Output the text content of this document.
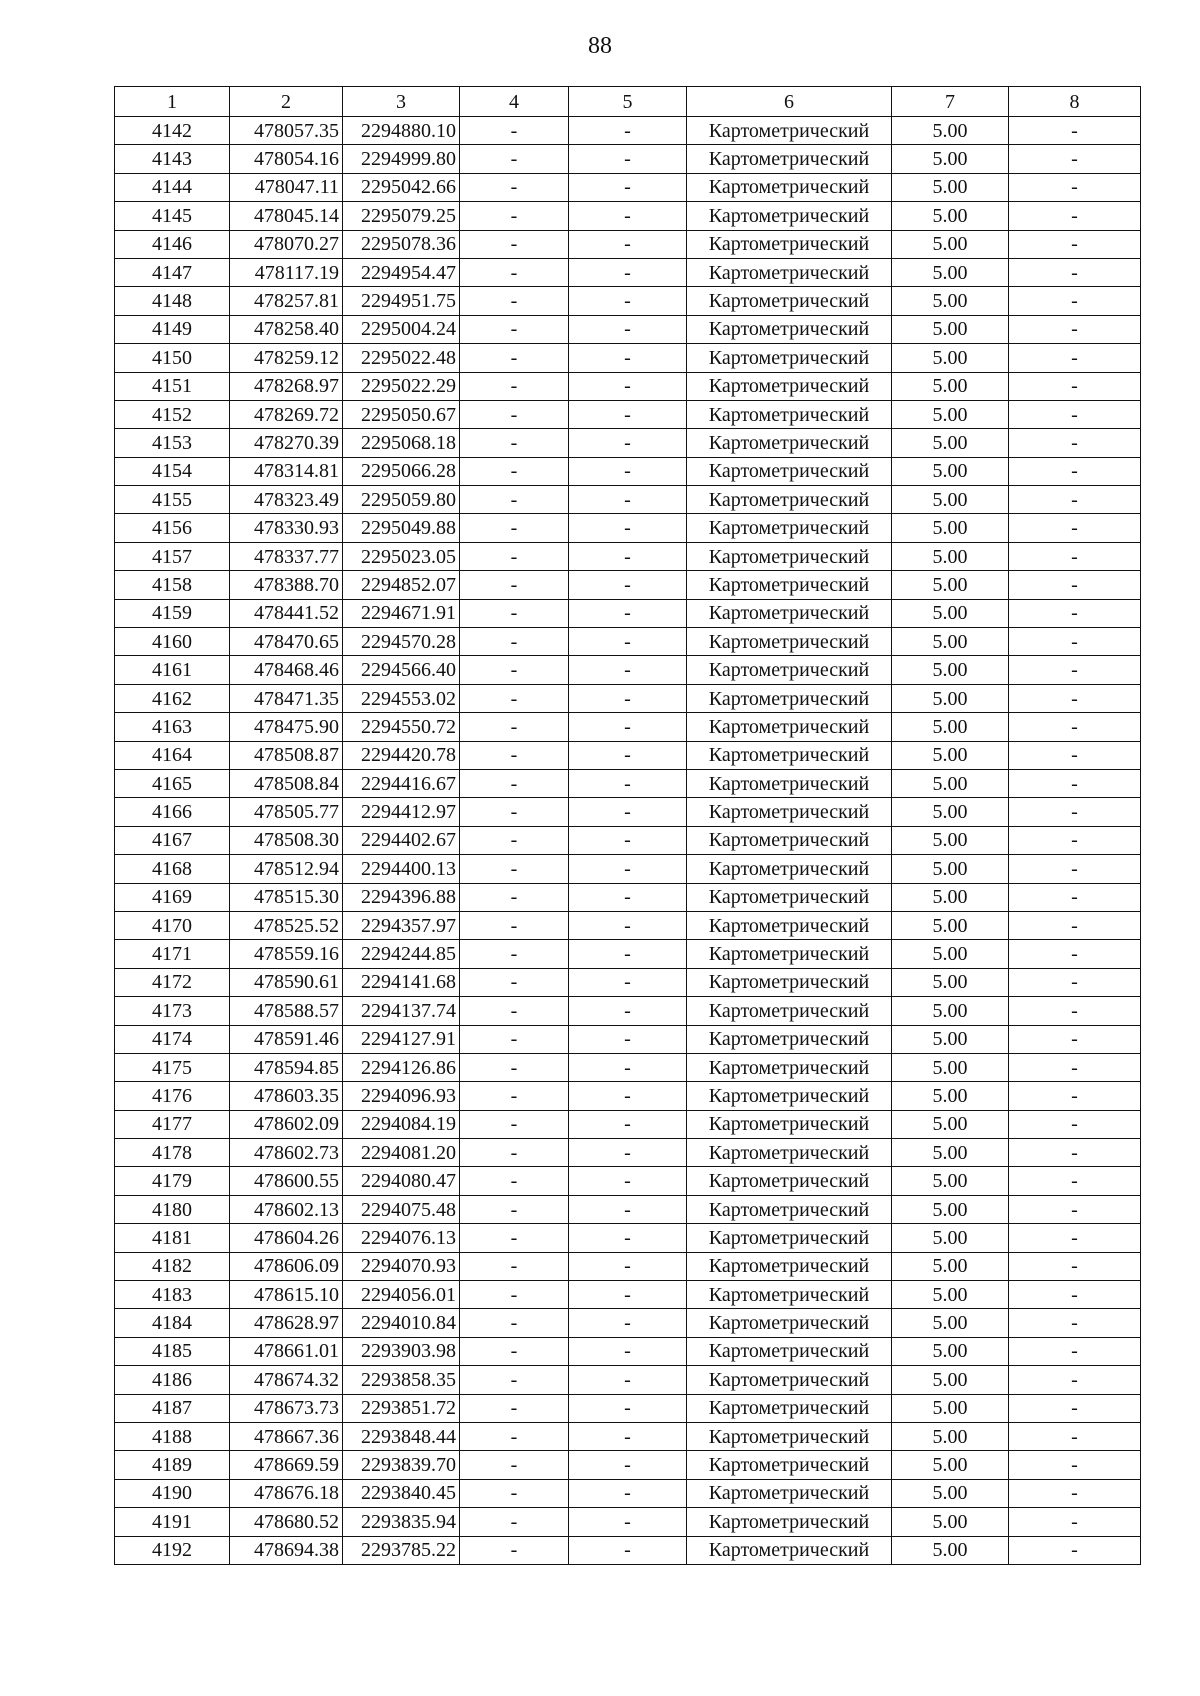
88
1	2	3	4	5	6	7	8
4142	478057.35	2294880.10	-	-	Картометрический	5.00	-
4143	478054.16	2294999.80	-	-	Картометрический	5.00	-
4144	478047.11	2295042.66	-	-	Картометрический	5.00	-
4145	478045.14	2295079.25	-	-	Картометрический	5.00	-
4146	478070.27	2295078.36	-	-	Картометрический	5.00	-
4147	478117.19	2294954.47	-	-	Картометрический	5.00	-
4148	478257.81	2294951.75	-	-	Картометрический	5.00	-
4149	478258.40	2295004.24	-	-	Картометрический	5.00	-
4150	478259.12	2295022.48	-	-	Картометрический	5.00	-
4151	478268.97	2295022.29	-	-	Картометрический	5.00	-
4152	478269.72	2295050.67	-	-	Картометрический	5.00	-
4153	478270.39	2295068.18	-	-	Картометрический	5.00	-
4154	478314.81	2295066.28	-	-	Картометрический	5.00	-
4155	478323.49	2295059.80	-	-	Картометрический	5.00	-
4156	478330.93	2295049.88	-	-	Картометрический	5.00	-
4157	478337.77	2295023.05	-	-	Картометрический	5.00	-
4158	478388.70	2294852.07	-	-	Картометрический	5.00	-
4159	478441.52	2294671.91	-	-	Картометрический	5.00	-
4160	478470.65	2294570.28	-	-	Картометрический	5.00	-
4161	478468.46	2294566.40	-	-	Картометрический	5.00	-
4162	478471.35	2294553.02	-	-	Картометрический	5.00	-
4163	478475.90	2294550.72	-	-	Картометрический	5.00	-
4164	478508.87	2294420.78	-	-	Картометрический	5.00	-
4165	478508.84	2294416.67	-	-	Картометрический	5.00	-
4166	478505.77	2294412.97	-	-	Картометрический	5.00	-
4167	478508.30	2294402.67	-	-	Картометрический	5.00	-
4168	478512.94	2294400.13	-	-	Картометрический	5.00	-
4169	478515.30	2294396.88	-	-	Картометрический	5.00	-
4170	478525.52	2294357.97	-	-	Картометрический	5.00	-
4171	478559.16	2294244.85	-	-	Картометрический	5.00	-
4172	478590.61	2294141.68	-	-	Картометрический	5.00	-
4173	478588.57	2294137.74	-	-	Картометрический	5.00	-
4174	478591.46	2294127.91	-	-	Картометрический	5.00	-
4175	478594.85	2294126.86	-	-	Картометрический	5.00	-
4176	478603.35	2294096.93	-	-	Картометрический	5.00	-
4177	478602.09	2294084.19	-	-	Картометрический	5.00	-
4178	478602.73	2294081.20	-	-	Картометрический	5.00	-
4179	478600.55	2294080.47	-	-	Картометрический	5.00	-
4180	478602.13	2294075.48	-	-	Картометрический	5.00	-
4181	478604.26	2294076.13	-	-	Картометрический	5.00	-
4182	478606.09	2294070.93	-	-	Картометрический	5.00	-
4183	478615.10	2294056.01	-	-	Картометрический	5.00	-
4184	478628.97	2294010.84	-	-	Картометрический	5.00	-
4185	478661.01	2293903.98	-	-	Картометрический	5.00	-
4186	478674.32	2293858.35	-	-	Картометрический	5.00	-
4187	478673.73	2293851.72	-	-	Картометрический	5.00	-
4188	478667.36	2293848.44	-	-	Картометрический	5.00	-
4189	478669.59	2293839.70	-	-	Картометрический	5.00	-
4190	478676.18	2293840.45	-	-	Картометрический	5.00	-
4191	478680.52	2293835.94	-	-	Картометрический	5.00	-
4192	478694.38	2293785.22	-	-	Картометрический	5.00	-
